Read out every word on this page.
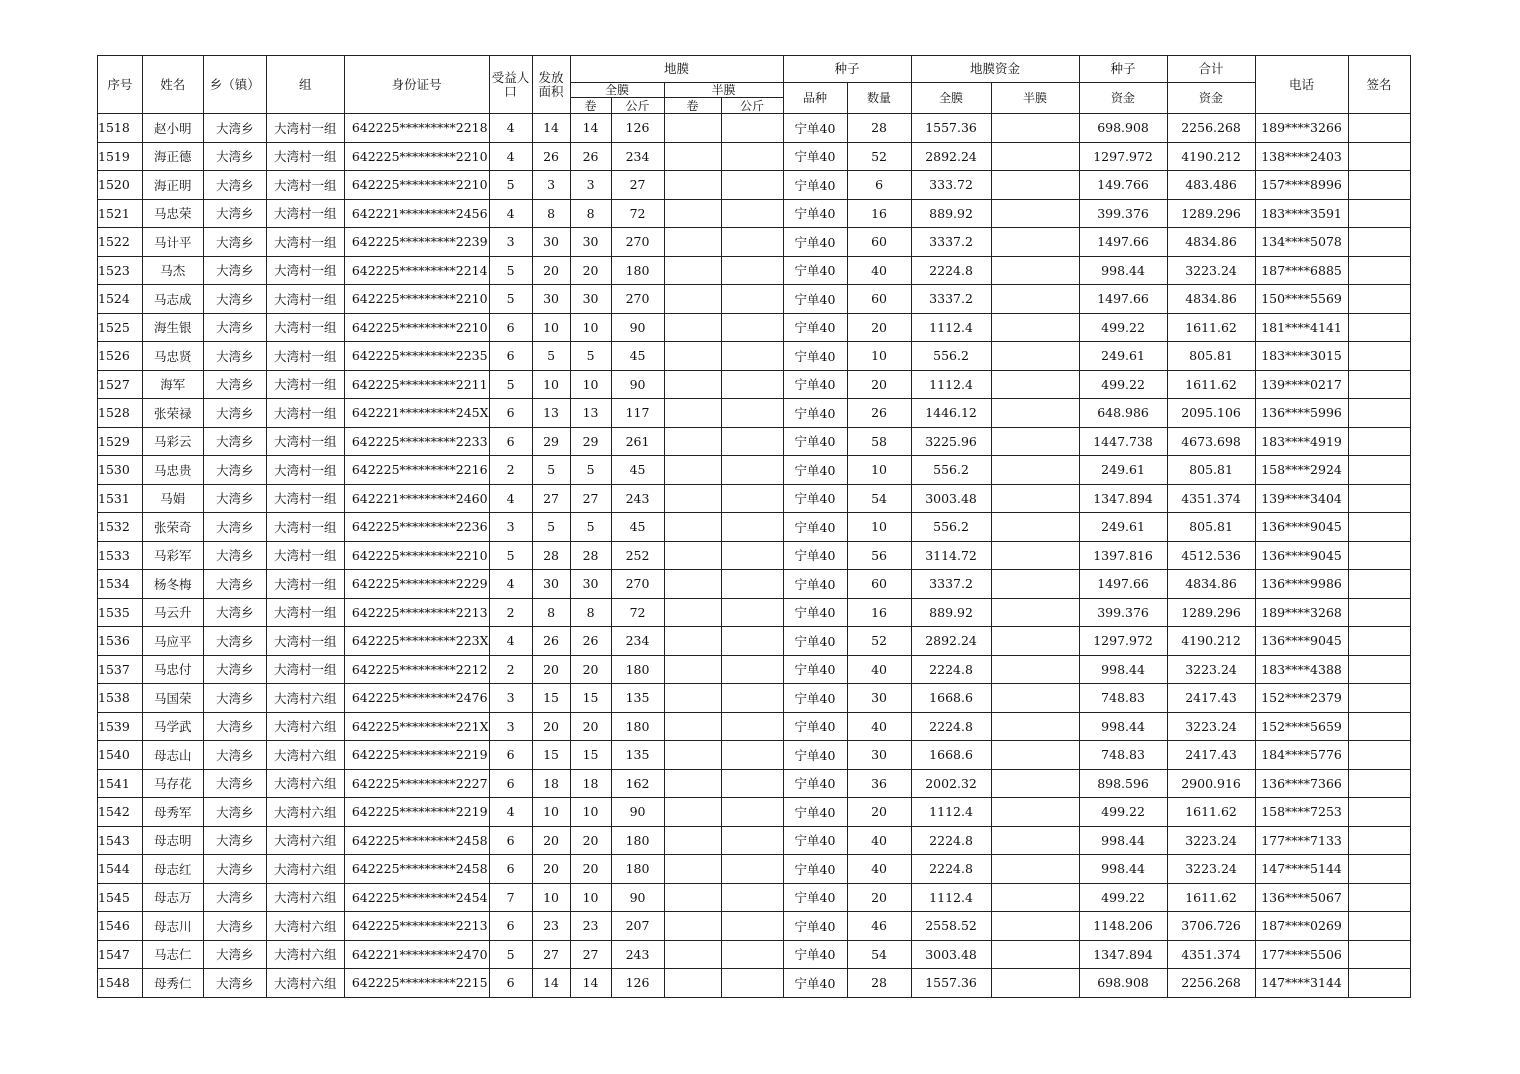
序号	姓名	乡（镇）	组	身份证号	受益人口	发放面积	地膜				种子		地膜资金		种子	合计	电话	签名
							全膜		半膜		品种	数量	全膜	半膜	资金	资金		
							卷	公斤	卷	公斤								
1518	赵小明	大湾乡	大湾村一组	642225*********2218	4	14	14	126			宁单40	28	1557.36		698.908	2256.268	189****3266	
1519	海正德	大湾乡	大湾村一组	642225*********2210	4	26	26	234			宁单40	52	2892.24		1297.972	4190.212	138****2403	
1520	海正明	大湾乡	大湾村一组	642225*********2210	5	3	3	27			宁单40	6	333.72		149.766	483.486	157****8996	
1521	马忠荣	大湾乡	大湾村一组	642221*********2456	4	8	8	72			宁单40	16	889.92		399.376	1289.296	183****3591	
1522	马计平	大湾乡	大湾村一组	642225*********2239	3	30	30	270			宁单40	60	3337.2		1497.66	4834.86	134****5078	
1523	马杰	大湾乡	大湾村一组	642225*********2214	5	20	20	180			宁单40	40	2224.8		998.44	3223.24	187****6885	
1524	马志成	大湾乡	大湾村一组	642225*********2210	5	30	30	270			宁单40	60	3337.2		1497.66	4834.86	150****5569	
1525	海生银	大湾乡	大湾村一组	642225*********2210	6	10	10	90			宁单40	20	1112.4		499.22	1611.62	181****4141	
1526	马忠贤	大湾乡	大湾村一组	642225*********2235	6	5	5	45			宁单40	10	556.2		249.61	805.81	183****3015	
1527	海军	大湾乡	大湾村一组	642225*********2211	5	10	10	90			宁单40	20	1112.4		499.22	1611.62	139****0217	
1528	张荣禄	大湾乡	大湾村一组	642221*********245X	6	13	13	117			宁单40	26	1446.12		648.986	2095.106	136****5996	
1529	马彩云	大湾乡	大湾村一组	642225*********2233	6	29	29	261			宁单40	58	3225.96		1447.738	4673.698	183****4919	
1530	马忠贵	大湾乡	大湾村一组	642225*********2216	2	5	5	45			宁单40	10	556.2		249.61	805.81	158****2924	
1531	马娟	大湾乡	大湾村一组	642221*********2460	4	27	27	243			宁单40	54	3003.48		1347.894	4351.374	139****3404	
1532	张荣奇	大湾乡	大湾村一组	642225*********2236	3	5	5	45			宁单40	10	556.2		249.61	805.81	136****9045	
1533	马彩军	大湾乡	大湾村一组	642225*********2210	5	28	28	252			宁单40	56	3114.72		1397.816	4512.536	136****9045	
1534	杨冬梅	大湾乡	大湾村一组	642225*********2229	4	30	30	270			宁单40	60	3337.2		1497.66	4834.86	136****9986	
1535	马云升	大湾乡	大湾村一组	642225*********2213	2	8	8	72			宁单40	16	889.92		399.376	1289.296	189****3268	
1536	马应平	大湾乡	大湾村一组	642225*********223X	4	26	26	234			宁单40	52	2892.24		1297.972	4190.212	136****9045	
1537	马忠付	大湾乡	大湾村一组	642225*********2212	2	20	20	180			宁单40	40	2224.8		998.44	3223.24	183****4388	
1538	马国荣	大湾乡	大湾村六组	642225*********2476	3	15	15	135			宁单40	30	1668.6		748.83	2417.43	152****2379	
1539	马学武	大湾乡	大湾村六组	642225*********221X	3	20	20	180			宁单40	40	2224.8		998.44	3223.24	152****5659	
1540	母志山	大湾乡	大湾村六组	642225*********2219	6	15	15	135			宁单40	30	1668.6		748.83	2417.43	184****5776	
1541	马存花	大湾乡	大湾村六组	642225*********2227	6	18	18	162			宁单40	36	2002.32		898.596	2900.916	136****7366	
1542	母秀军	大湾乡	大湾村六组	642225*********2219	4	10	10	90			宁单40	20	1112.4		499.22	1611.62	158****7253	
1543	母志明	大湾乡	大湾村六组	642225*********2458	6	20	20	180			宁单40	40	2224.8		998.44	3223.24	177****7133	
1544	母志红	大湾乡	大湾村六组	642225*********2458	6	20	20	180			宁单40	40	2224.8		998.44	3223.24	147****5144	
1545	母志万	大湾乡	大湾村六组	642225*********2454	7	10	10	90			宁单40	20	1112.4		499.22	1611.62	136****5067	
1546	母志川	大湾乡	大湾村六组	642225*********2213	6	23	23	207			宁单40	46	2558.52		1148.206	3706.726	187****0269	
1547	马志仁	大湾乡	大湾村六组	642221*********2470	5	27	27	243			宁单40	54	3003.48		1347.894	4351.374	177****5506	
1548	母秀仁	大湾乡	大湾村六组	642225*********2215	6	14	14	126			宁单40	28	1557.36		698.908	2256.268	147****3144	
